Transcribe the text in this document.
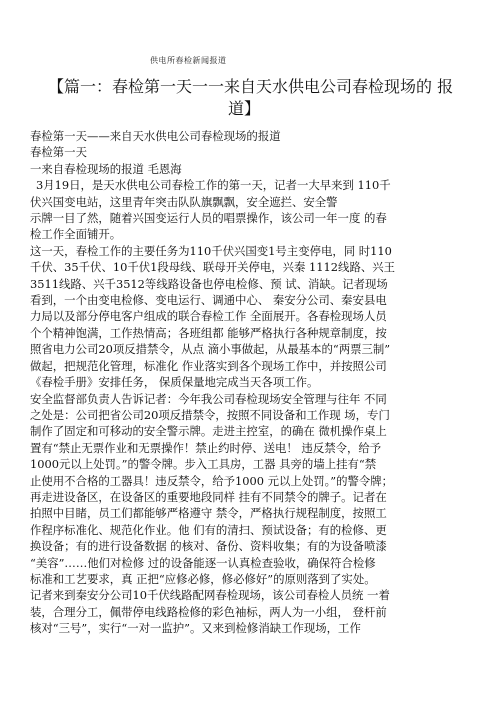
供电所春检新闻报道
【篇一：春检第一天一一来自天水供电公司春检现场的 报
道】

春检第一天——来自天水供电公司春检现场的报道

春检第一天

一来自春检现场的报道 毛恩海

3月19日，是天水供电公司春检工作的第一天，记者一大早来到 110千

伏兴国变电站，这里青年突击队队旗飘飘，安全遮拦、安全警

示牌一目了然，随着兴国变运行人员的唱票操作，该公司一年一度 的春

检工作全面铺开。

这一天，春检工作的主要任务为110千伏兴国变1号主变停电，同 时110

千伏、35千伏、10千伏1段母线、联母开关停电，兴秦 1112线路、兴王

3511线路、兴千3512等线路设备也停电检修、预 试、消缺。记者现场

看到，一个由变电检修、变电运行、调通中心、 秦安分公司、秦安县电

力局以及部分停电客户组成的联合春检工作 全面展开。各春检现场人员

个个精神饱满，工作热情高；各班组都 能够严格执行各种规章制度，按

照省电力公司20项反措禁令，从点 滴小事做起，从最基本的“两票三制”

做起，把规范化管理，标准化 作业落实到各个现场工作中，并按照公司

《春检手册》安排任务， 保质保量地完成当天各项工作。

安全监督部负责人告诉记者：今年我公司春检现场安全管理与往年 不同

之处是：公司把省公司20项反措禁令，按照不同设备和工作现 场，专门

制作了固定和可移动的安全警示牌。走进主控室，的确在 微机操作桌上

置有“禁止无票作业和无票操作！禁止约时停、送电！ 违反禁令，给予

1000元以上处罚。”的警令牌。步入工具房，工器 具旁的墙上挂有“禁

止使用不合格的工器具！违反禁令，给予1000 元以上处罚。”的警令牌；

再走进设备区，在设备区的重要地段同样 挂有不同禁令的牌子。记者在

拍照中目睹，员工们都能够严格遵守 禁令，严格执行规程制度，按照工

作程序标准化、规范化作业。他 们有的清扫、预试设备；有的检修、更

换设备；有的进行设备数据 的核对、备份、资料收集；有的为设备喷漆

“美容”……他们对检修 过的设备能逐一认真检查验收，确保符合检修

标准和工艺要求，真 正把“应修必修，修必修好”的原则落到了实处。

记者来到秦安分公司10千伏线路配网春检现场，该公司春检人员统 一着

装，合理分工，佩带停电线路检修的彩色袖标，两人为一小组， 登杆前

核对“三号”，实行“一对一监护”。又来到检修消缺工作现场，工作
